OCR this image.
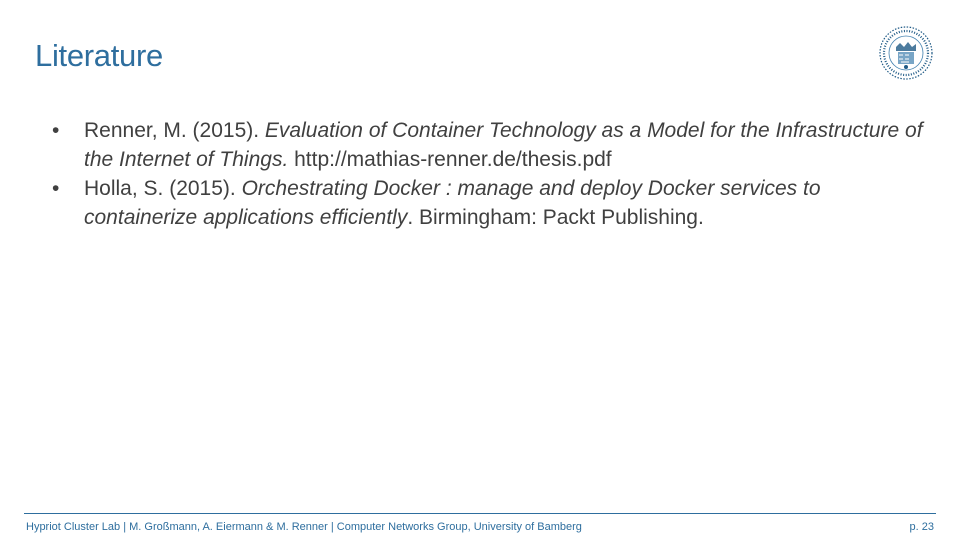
Literature
• Renner, M. (2015). Evaluation of Container Technology as a Model for the Infrastructure of the Internet of Things. http://mathias-renner.de/thesis.pdf
• Holla, S. (2015). Orchestrating Docker : manage and deploy Docker services to containerize applications efficiently. Birmingham: Packt Publishing.
Hypriot Cluster Lab | M. Großmann, A. Eiermann & M. Renner | Computer Networks Group, University of Bamberg	p. 23
